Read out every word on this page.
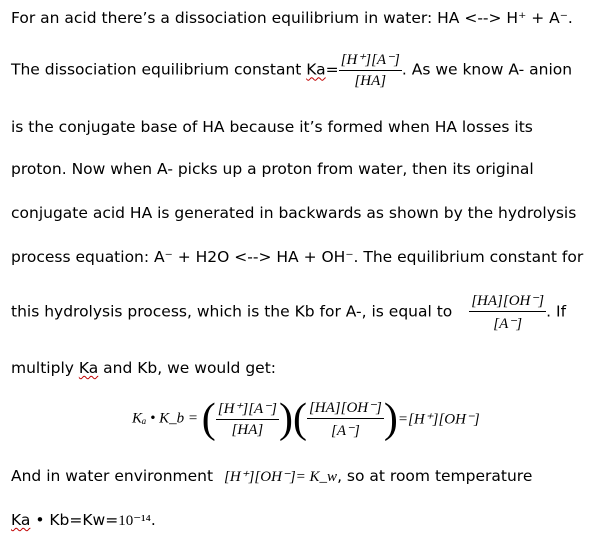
For an acid there’s a dissociation equilibrium in water: HA <--> H⁺ + A⁻.
The dissociation equilibrium constant $Ka= \frac{[H^+][A^-]}{[HA]}$ . As we know A- anion
is the conjugate base of HA because it’s formed when HA losses its
proton. Now when A- picks up a proton from water, then its original
conjugate acid HA is generated in backwards as shown by the hydrolysis
process equation: A⁻ + H2O <--> HA + OH⁻. The equilibrium constant for
this hydrolysis process, which is the Kb for A-, is equal to $\frac{[HA][OH^-]}{[A^-]}$ . If
multiply Ka and Kb, we would get:
Kₐ • K_b = ( $\frac{[H^+][A^-]}{[HA]}$ )( $\frac{[HA][OH^-]}{[A^-]} )=[H^+][OH^-]$
And in water environment [H⁺][OH⁻]= K_w, so at room temperature
Ka • Kb=Kw=10⁻¹⁴.
